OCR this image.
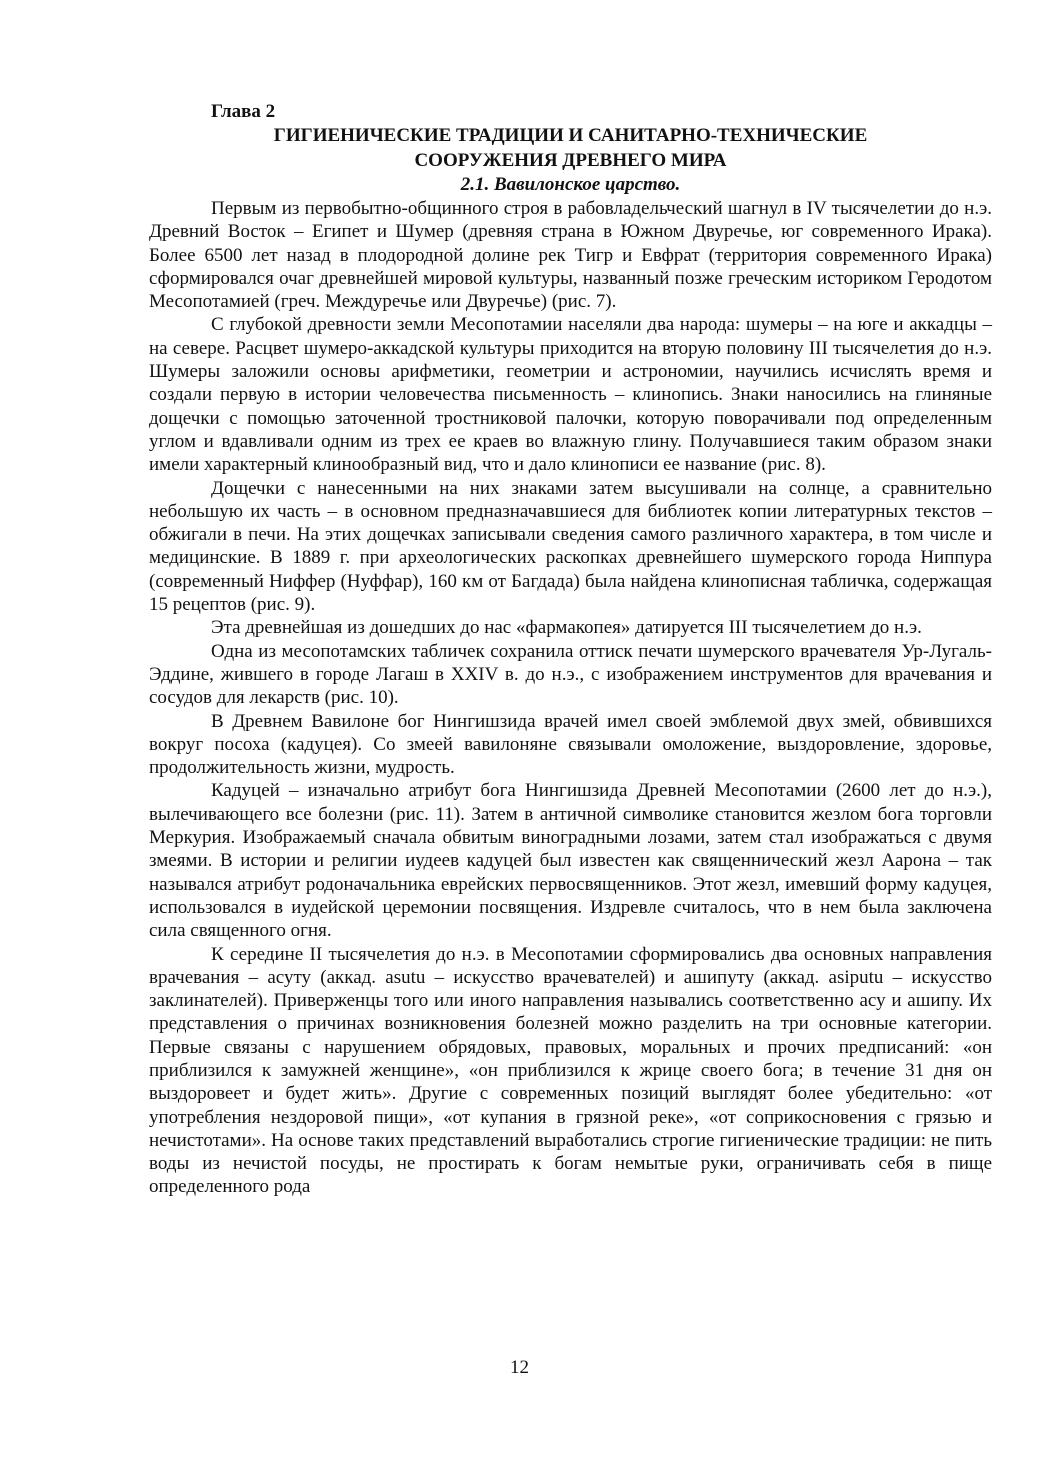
Глава 2

ГИГИЕНИЧЕСКИЕ ТРАДИЦИИ И САНИТАРНО-ТЕХНИЧЕСКИЕ

СООРУЖЕНИЯ ДРЕВНЕГО МИРА

2.1. Вавилонское царство.

Первым из первобытно-общинного строя в рабовладельческий шагнул в IV тысячелетии до н.э. Древний Восток – Египет и Шумер (древняя страна в Южном Двуречье, юг современного Ирака). Более 6500 лет назад в плодородной долине рек Тигр и Евфрат (территория современного Ирака) сформировался очаг древнейшей мировой культуры, названный позже греческим историком Геродотом Месопотамией (греч. Междуречье или Двуречье) (рис. 7).

С глубокой древности земли Месопотамии населяли два народа: шумеры – на юге и аккадцы – на севере. Расцвет шумеро-аккадской культуры приходится на вторую половину III тысячелетия до н.э. Шумеры заложили основы арифметики, геометрии и астрономии, научились исчислять время и создали первую в истории человечества письменность – клинопись. Знаки наносились на глиняные дощечки с помощью заточенной тростниковой палочки, которую поворачивали под определенным углом и вдавливали одним из трех ее краев во влажную глину. Получавшиеся таким образом знаки имели характерный клинообразный вид, что и дало клинописи ее название (рис. 8).

Дощечки с нанесенными на них знаками затем высушивали на солнце, а сравнительно небольшую их часть – в основном предназначавшиеся для библиотек копии литературных текстов – обжигали в печи. На этих дощечках записывали сведения самого различного характера, в том числе и медицинские. В 1889 г. при археологических раскопках древнейшего шумерского города Ниппура (современный Ниффер (Нуффар), 160 км от Багдада) была найдена клинописная табличка, содержащая 15 рецептов (рис. 9).

Эта древнейшая из дошедших до нас «фармакопея» датируется III тысячелетием до н.э.

Одна из месопотамских табличек сохранила оттиск печати шумерского врачевателя Ур-Лугаль-Эддине, жившего в городе Лагаш в XXIV в. до н.э., с изображением инструментов для врачевания и сосудов для лекарств (рис. 10).

В Древнем Вавилоне бог Нингишзида врачей имел своей эмблемой двух змей, обвившихся вокруг посоха (кадуцея). Со змеей вавилоняне связывали омоложение, выздоровление, здоровье, продолжительность жизни, мудрость.

Кадуцей – изначально атрибут бога Нингишзида Древней Месопотамии (2600 лет до н.э.), вылечивающего все болезни (рис. 11). Затем в античной символике становится жезлом бога торговли Меркурия. Изображаемый сначала обвитым виноградными лозами, затем стал изображаться с двумя змеями. В истории и религии иудеев кадуцей был известен как священнический жезл Аарона – так назывался атрибут родоначальника еврейских первосвященников. Этот жезл, имевший форму кадуцея, использовался в иудейской церемонии посвящения. Издревле считалось, что в нем была заключена сила священного огня.

К середине II тысячелетия до н.э. в Месопотамии сформировались два основных направления врачевания – асуту (аккад. asutu – искусство врачевателей) и ашипуту (аккад. asiputu – искусство заклинателей). Приверженцы того или иного направления назывались соответственно асу и ашипу. Их представления о причинах возникновения болезней можно разделить на три основные категории. Первые связаны с нарушением обрядовых, правовых, моральных и прочих предписаний: «он приблизился к замужней женщине», «он приблизился к жрице своего бога; в течение 31 дня он выздоровеет и будет жить». Другие с современных позиций выглядят более убедительно: «от употребления нездоровой пищи», «от купания в грязной реке», «от соприкосновения с грязью и нечистотами». На основе таких представлений выработались строгие гигиенические традиции: не пить воды из нечистой посуды, не простирать к богам немытые руки, ограничивать себя в пище определенного рода

12
